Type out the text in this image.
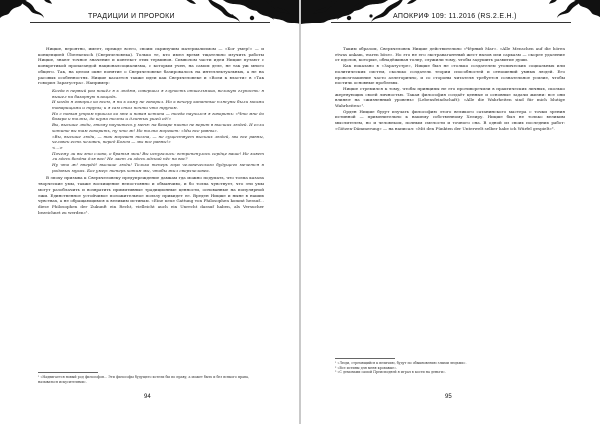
ТРАДИЦИИ И ПРОРОКИ

Ницше, вероятно, имеет, прежде всего, своим скрипучим материализмом — «Бог умер!» — и концепцией Übermensch (Сверхчеловека). Только те, кто имел время тщательно изучить работы Ницше, знают точное значение и контекст этих терминов. Символом части идеи Ницше путают с конкретикой пропагандой националсоциализма, с которым учен, на самом деле, не так уж много общего. Так, на целом окне понятие о Сверхчеловеке базировалось на интеллектуальных, а не на расовых особенностях. Ницше касается также идеи как Сверхчеловеке и «Воли к власти» в «Так говорил Заратустра». Например:

Когда в первый раз пошёл я к людям, совершил я глупость отшельника, великую глупость: я вышел на базарную площадь.

И когда я говорил ко всем, я ни к кому не говорил. Но к вечеру канатные плясуны были моими товарищами и трупы; и я сам стал почти что трупом.

Но с новым утром пришла ко мне и новая истина — тогда научился я говорить: «Что мне до базара и толпы, до шума толпы и длинных ушей её!»

Вы, высшие люди, этому научитесь у меня: на базаре никто не верит в высших людей. И если хотите вы там говорить, ну что ж! Но толпа моргает: «Мы все равны».

«Вы, высшие люди, — так моргает толпа, — не существует высших людей, мы все равны, человек есть человек, перед Богом — мы все равны!»

<...>

Почему ли вы это слово, о братья мои! Вы испугались: встрепенулось сердце ваше! Не зияет ли здесь бездна для вас! Не лает ли здесь адский пёс на вас?

Ну что ж! вперёд! высшие люди! Только теперь гора человеческого будущего мечется в родовых муках. Бог умер: теперь хотим мы, чтобы жил сверхчеловек.

В эпоху призыва к Сверхчеловеку предупреждение дамкам гда можно подумать, что толпа казала творческие умы, также восхищение непостоянно и обманчиво, и бо толпа чувствует, что эти умы могут разоблачить и возвратить примитивные традиционные ценности, основанные на популярной лжи. Единственное устойчивое положительное пользу прикидет ее. Вреден Ницше и ныне в наших чувствах, а не обращающимся к великим истинам. «Eine neue Gattung von Philosophen kommt herauf… diese Philosophen der Zukunft ein Recht, vielleicht auch ein Unrecht darauf haben, als Versucher bezeichnet zu werden»¹.

¹ «Надвигается новый род философов… Эти философы будущего хотели бы по праву, а может быть и без всякого права, называться искусителями».
94
АПОКРИФ 109: 11.2016 (RS.2.Е.Н.)

Таким образом, Сверхчеловек Ницше действительно «Чёрный Маг». «Alle Menschen auf die hören etwas ankam, waren böse». Но это не его экстравагантный жест вызов или сарказм — скорее удаление от идолов, которые, обнадёживая толпу, служили тому, чтобы задушить развитие души.

Как показано в «Заратустре», Ницше был не столько создателем утопических социальных или политических систем, сколько создатель теории способностей и отношений умных людей. Его провозглашение часто аллегорично, и со стороны читателя требуется сознательное усилие, чтобы постичь основные проблемы.

Ницше стремился к тому, чтобы принципы не его противоречили в практических личных, сколько жертвующих своей личностью. Такая философия создаёт ценные и основные задачи жизни: все они влияют на «жизненный уровень» (Lebensfeindschaft): «Alle die Wahrheiten sind für mich blutige Wahrheiten»¹.

Орден Ницше будут изучать философию этого великого сатанинского мастера с точки зрения истинной — применительно к нашему собственному Хелиру. Ницше был не только великим мыслителем, но и человеком, полным смелости и точного сна. В одной из своих последних работ: «Götzen-Dämmerung» — на написал: «Mit den Fünkten der Unterwelt selber habe ich Würfel gespielt»².

¹ «Люди, стремящийся к величию, будут по обыкновению злыми людьми».
² «Все истины для меня кровавые».
³ «С демонами самой Преисподней я играл в кости на деньги».
95
